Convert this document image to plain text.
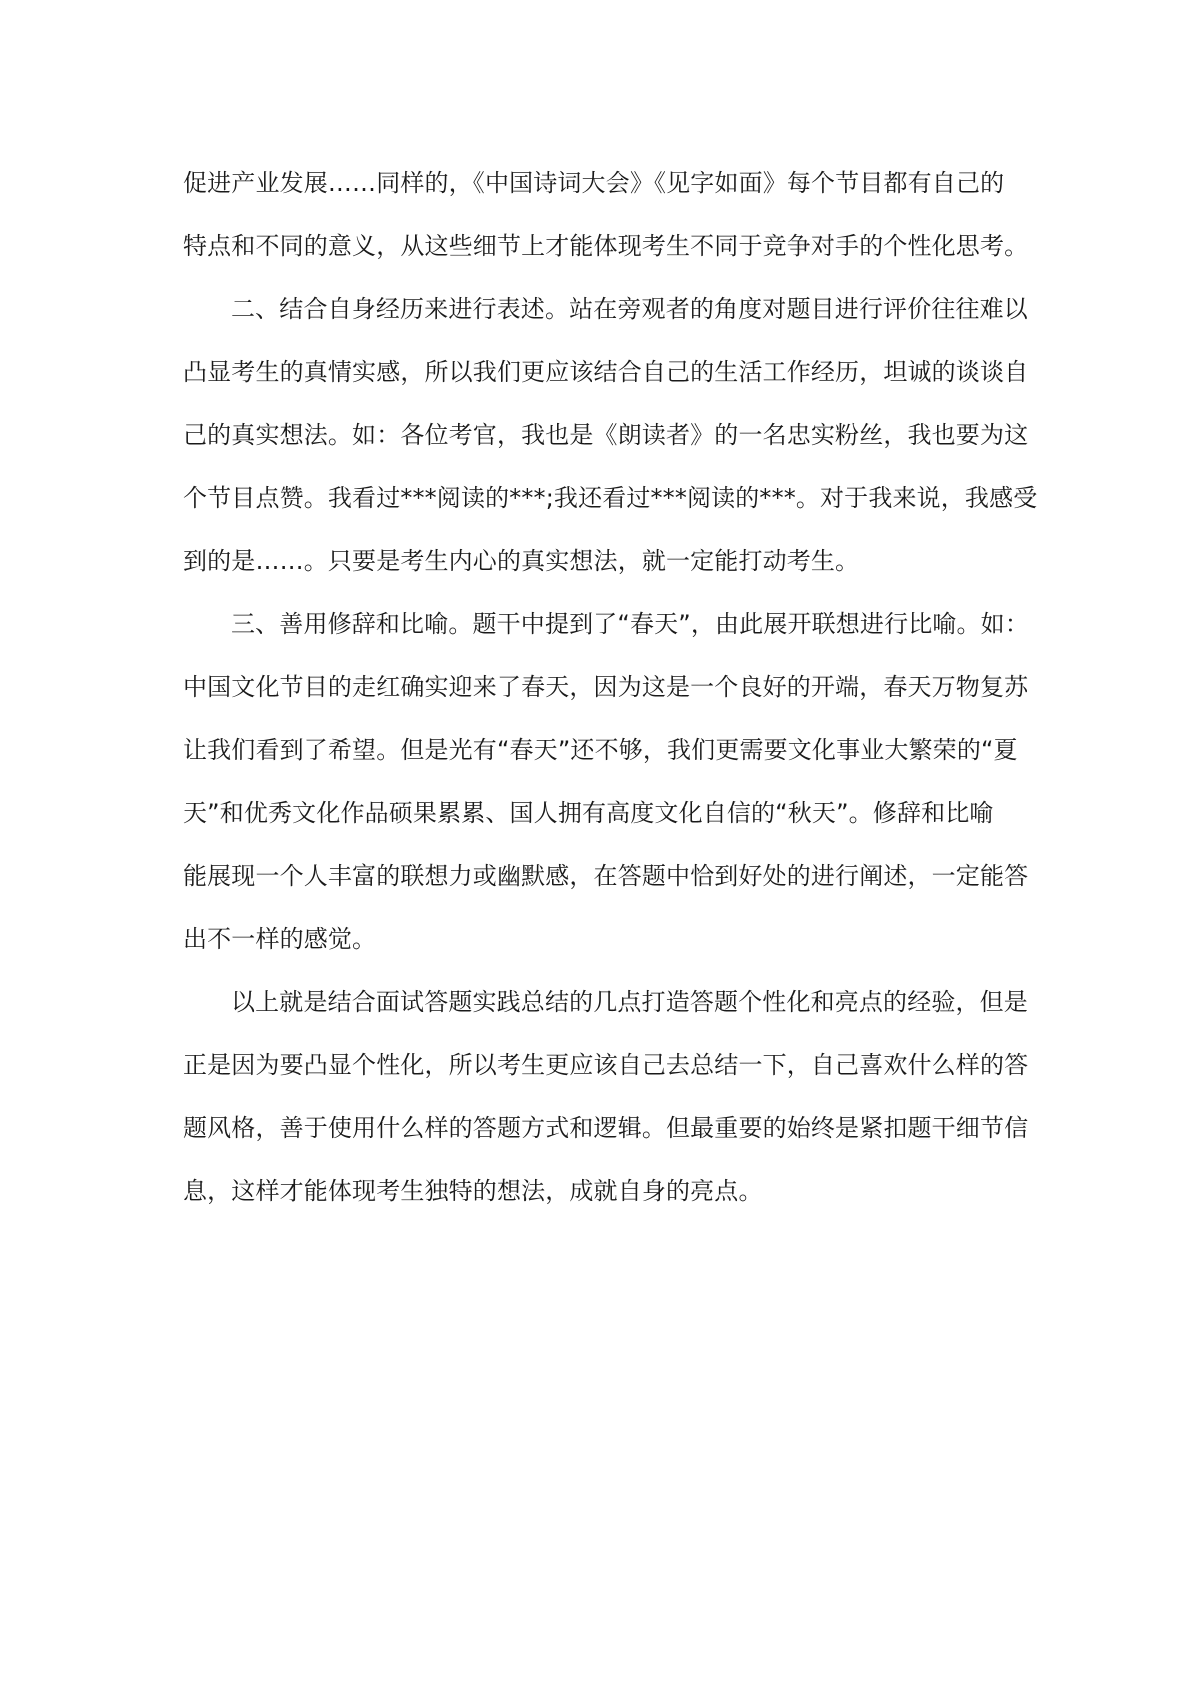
促进产业发展……同样的，《中国诗词大会》《见字如面》每个节目都有自己的
特点和不同的意义，从这些细节上才能体现考生不同于竞争对手的个性化思考。
二、结合自身经历来进行表述。站在旁观者的角度对题目进行评价往往难以
凸显考生的真情实感，所以我们更应该结合自己的生活工作经历，坦诚的谈谈自
己的真实想法。如：各位考官，我也是《朗读者》的一名忠实粉丝，我也要为这
个节目点赞。我看过***阅读的***;我还看过***阅读的***。对于我来说，我感受
到的是……。只要是考生内心的真实想法，就一定能打动考生。
三、善用修辞和比喻。题干中提到了“春天”，由此展开联想进行比喻。如：
中国文化节目的走红确实迎来了春天，因为这是一个良好的开端，春天万物复苏
让我们看到了希望。但是光有“春天”还不够，我们更需要文化事业大繁荣的“夏
天”和优秀文化作品硕果累累、国人拥有高度文化自信的“秋天”。修辞和比喻
能展现一个人丰富的联想力或幽默感，在答题中恰到好处的进行阐述，一定能答
出不一样的感觉。
以上就是结合面试答题实践总结的几点打造答题个性化和亮点的经验，但是
正是因为要凸显个性化，所以考生更应该自己去总结一下，自己喜欢什么样的答
题风格，善于使用什么样的答题方式和逻辑。但最重要的始终是紧扣题干细节信
息，这样才能体现考生独特的想法，成就自身的亮点。
